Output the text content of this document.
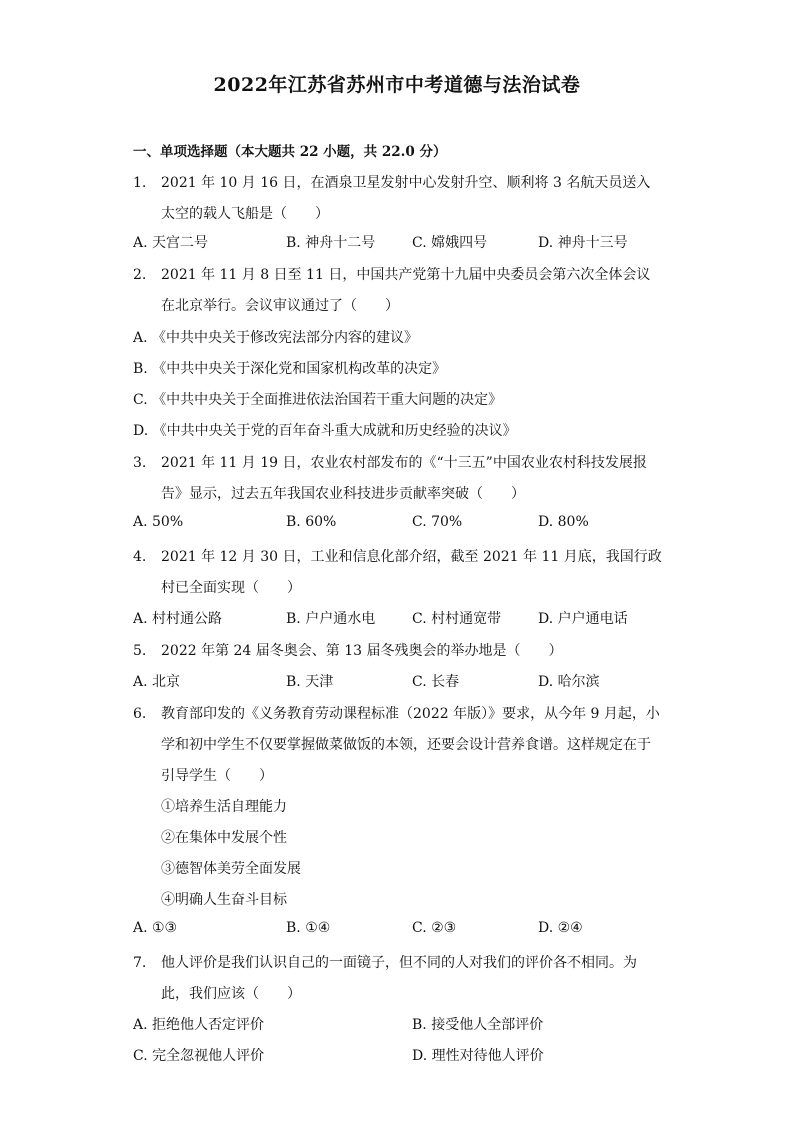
2022年江苏省苏州市中考道德与法治试卷
一、单项选择题（本大题共 22 小题，共 22.0 分）
1. 2021 年 10 月 16 日，在酒泉卫星发射中心发射升空、顺利将 3 名航天员送入太空的载人飞船是（　　）
A. 天宫二号	B. 神舟十二号	C. 嫦娥四号	D. 神舟十三号
2. 2021 年 11 月 8 日至 11 日，中国共产党第十九届中央委员会第六次全体会议在北京举行。会议审议通过了（　　）
A. 《中共中央关于修改宪法部分内容的建议》
B. 《中共中央关于深化党和国家机构改革的决定》
C. 《中共中央关于全面推进依法治国若干重大问题的决定》
D. 《中共中央关于党的百年奋斗重大成就和历史经验的决议》
3. 2021 年 11 月 19 日，农业农村部发布的《“十三五”中国农业农村科技发展报告》显示，过去五年我国农业科技进步贡献率突破（　　）
A. 50%	B. 60%	C. 70%	D. 80%
4. 2021 年 12 月 30 日，工业和信息化部介绍，截至 2021 年 11 月底，我国行政村已全面实现（　　）
A. 村村通公路	B. 户户通水电	C. 村村通宽带	D. 户户通电话
5. 2022 年第 24 届冬奥会、第 13 届冬残奥会的举办地是（　　）
A. 北京	B. 天津	C. 长春	D. 哈尔滨
6. 教育部印发的《义务教育劳动课程标准（2022 年版）》要求，从今年 9 月起，小学和初中学生不仅要掌握做菜做饭的本领，还要会设计营养食谱。这样规定在于引导学生（　　）
①培养生活自理能力
②在集体中发展个性
③德智体美劳全面发展
④明确人生奋斗目标
A. ①③	B. ①④	C. ②③	D. ②④
7. 他人评价是我们认识自己的一面镜子，但不同的人对我们的评价各不相同。为此，我们应该（　　）
A. 拒绝他人否定评价	B. 接受他人全部评价
C. 完全忽视他人评价	D. 理性对待他人评价
